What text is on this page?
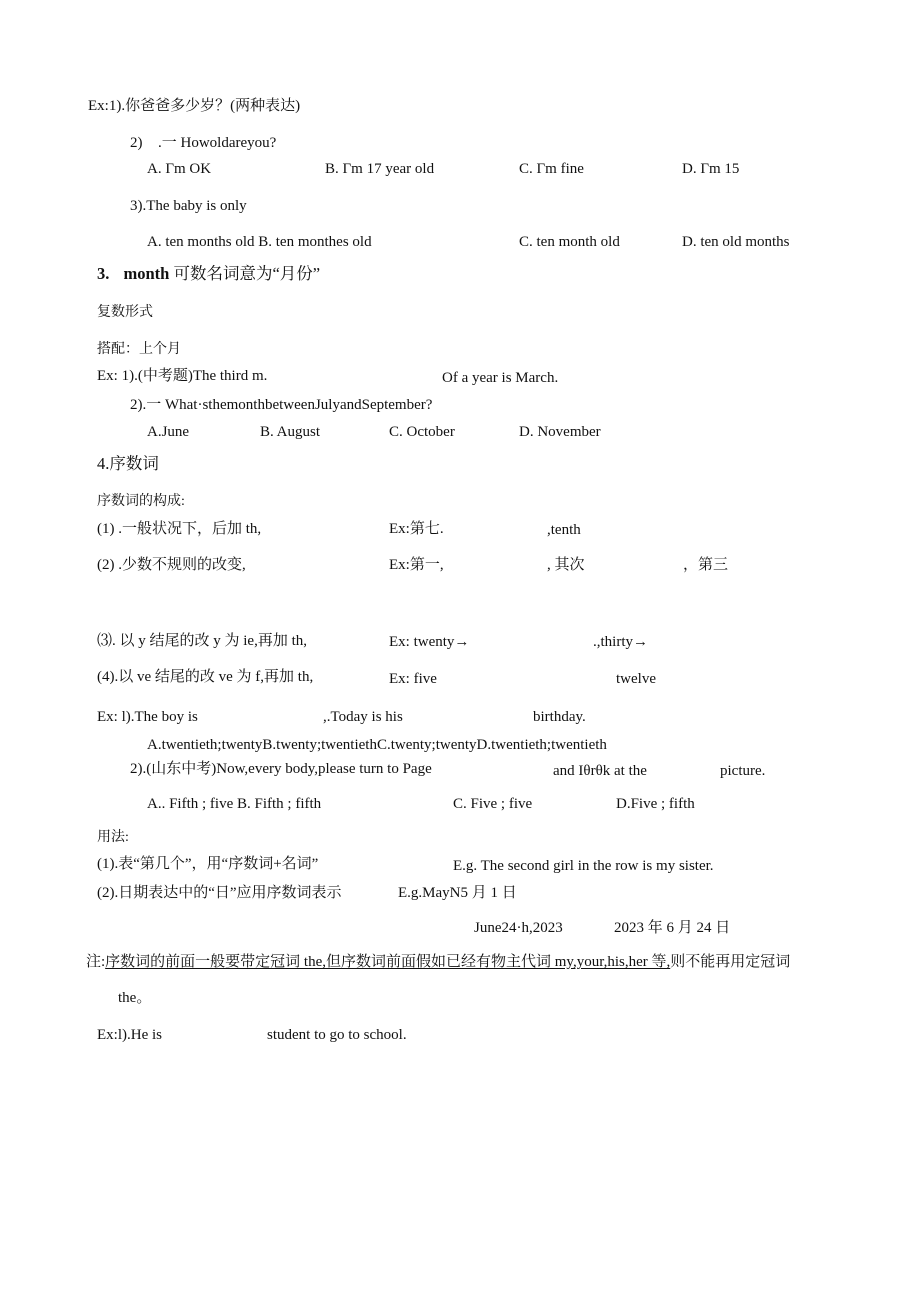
Ex:1).你爸爸多少岁？(两种表达)
2) .一 Howoldareyou?
A. Γm OK	B. Γm 17 year old	C. Γm fine	D. Γm 15
3).The baby is only
A. ten months old B. ten monthes old	C. ten month old	D. ten old months
3. month 可数名词意为“月份”
复数形式
搭配：上个月
Ex: 1).(中考题)The third m.	Of a year is March.
2).一 What·sthemonthbetweenJulyandSeptember?
A.June	B. August	C. October	D. November
4.序数词
序数词的构成:
(1) .一般状况下，后加 th,	Ex:第七.	,tenth
(2) .少数不规则的改变,	Ex:第一,	, 其次	，第三
⑶. 以 y 结尾的改 y 为 ie,再加 th,	Ex: twenty→	.,thirty→
(4).以 ve 结尾的改 ve 为 f,再加 th,	Ex: five	twelve
Ex: l).The boy is	,.Today is his	birthday.
A.twentieth;twentyB.twenty;twentiethC.twenty;twentyD.twentieth;twentieth
2).(山东中考)Now,every body,please turn to Page	and Iθrθk at the	picture.
A.. Fifth ; five B. Fifth ; fifth	C. Five ; five	D.Five ; fifth
用法:
(1).表“第几个”，用“序数词+名词”	E.g. The second girl in the row is my sister.
(2).日期表达中的“日”应用序数词表示	E.g.MayN5 月 1 日
June24·h,2023	2023 年 6 月 24 日
注:序数词的前面一般要带定冠词 the,但序数词前面假如已经有物主代词 my,your,his,her 等,则不能再用定冠词
the。
Ex:l).He is	student to go to school.
